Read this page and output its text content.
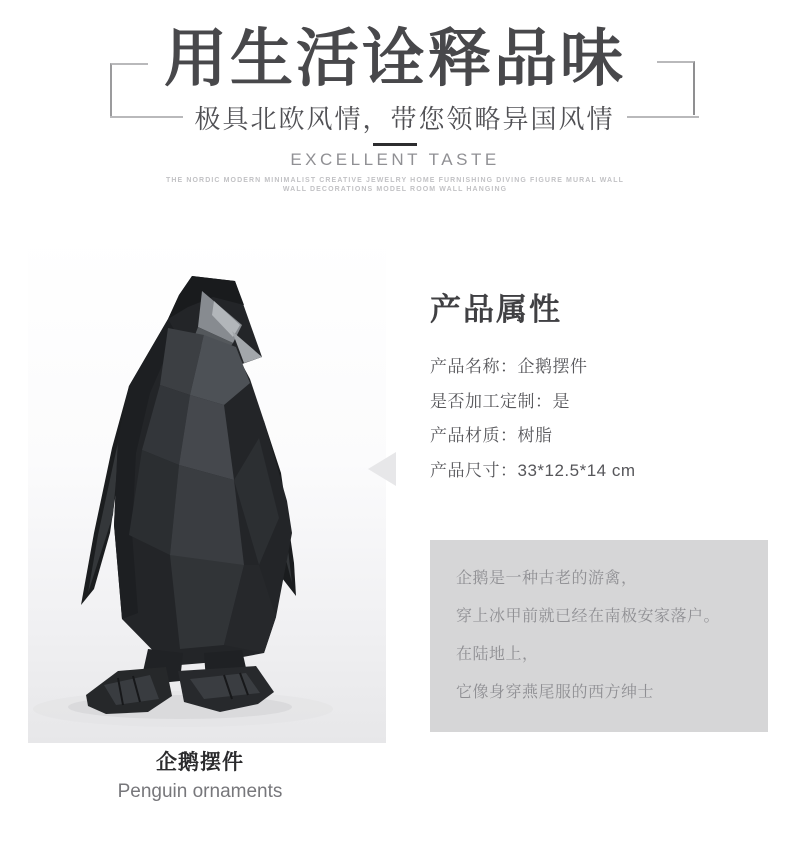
用生活诠释品味
极具北欧风情，带您领略异国风情
EXCELLENT TASTE
THE NORDIC MODERN MINIMALIST CREATIVE JEWELRY HOME FURNISHING DIVING FIGURE MURAL WALL
WALL DECORATIONS MODEL ROOM WALL HANGING
企鹅摆件
Penguin ornaments
产品属性
产品名称：企鹅摆件
是否加工定制：是
产品材质：树脂
产品尺寸：33*12.5*14 cm

企鹅是一种古老的游禽，

穿上冰甲前就已经在南极安家落户。

在陆地上，

它像身穿燕尾服的西方绅士
